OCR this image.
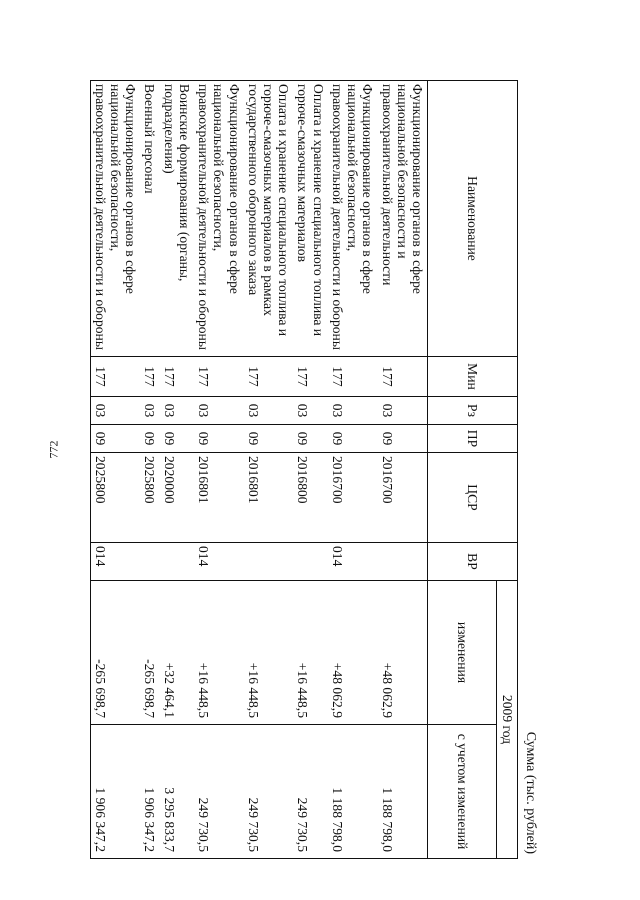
772
Сумма (тыс. рублей)
Наименование	Мин	Рз	ПР	ЦСР	ВР	2009 год	
						изменения	с учетом изменений
Функционирование органов в сфере национальной безопасности и правоохранительной деятельности	177	03	09	2016700		+48 062,9	1 188 798,0
Функционирование органов в сфере национальной безопасности, правоохранительной деятельности и обороны	177	03	09	2016700	014	+48 062,9	1 188 798,0
Оплата и хранение специального топлива и горюче-смазочных материалов	177	03	09	2016800		+16 448,5	249 730,5
Оплата и хранение специального топлива и горюче-смазочных материалов в рамках государственного оборонного заказа	177	03	09	2016801		+16 448,5	249 730,5
Функционирование органов в сфере национальной безопасности, правоохранительной деятельности и обороны	177	03	09	2016801	014	+16 448,5	249 730,5
Воинские формирования (органы, подразделения)	177	03	09	2020000		+32 464,1	3 295 833,7
Военный персонал	177	03	09	2025800		-265 698,7	1 906 347,2
Функционирование органов в сфере национальной безопасности, правоохранительной деятельности и обороны	177	03	09	2025800	014	-265 698,7	1 906 347,2
